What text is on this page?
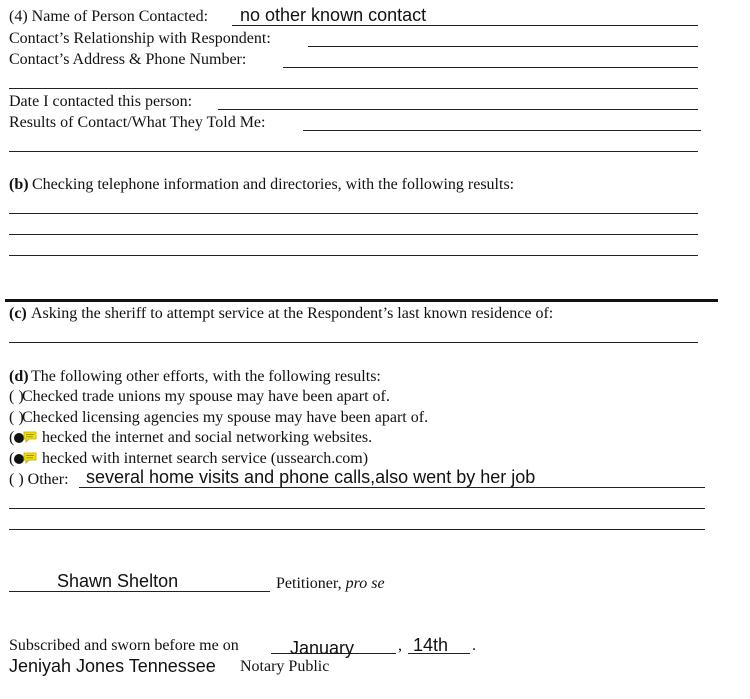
(4) Name of Person Contacted: no other known contact
Contact’s Relationship with Respondent:
Contact’s Address & Phone Number:
Date I contacted this person:
Results of Contact/What They Told Me:
(b) Checking telephone information and directories, with the following results:
(c) Asking the sheriff to attempt service at the Respondent’s last known residence of:
(d) The following other efforts, with the following results:
( )
Checked trade unions my spouse may have been apart of.
( )
Checked licensing agencies my spouse may have been apart of.
( hecked the internet and social networking websites.
( hecked with internet search service (ussearch.com)
( ) Other: several home visits and phone calls,also went by her job
Shawn Shelton	Petitioner, pro se
Subscribed and sworn before me on	January	, 14th .
Jeniyah Jones Tennessee Notary Public
